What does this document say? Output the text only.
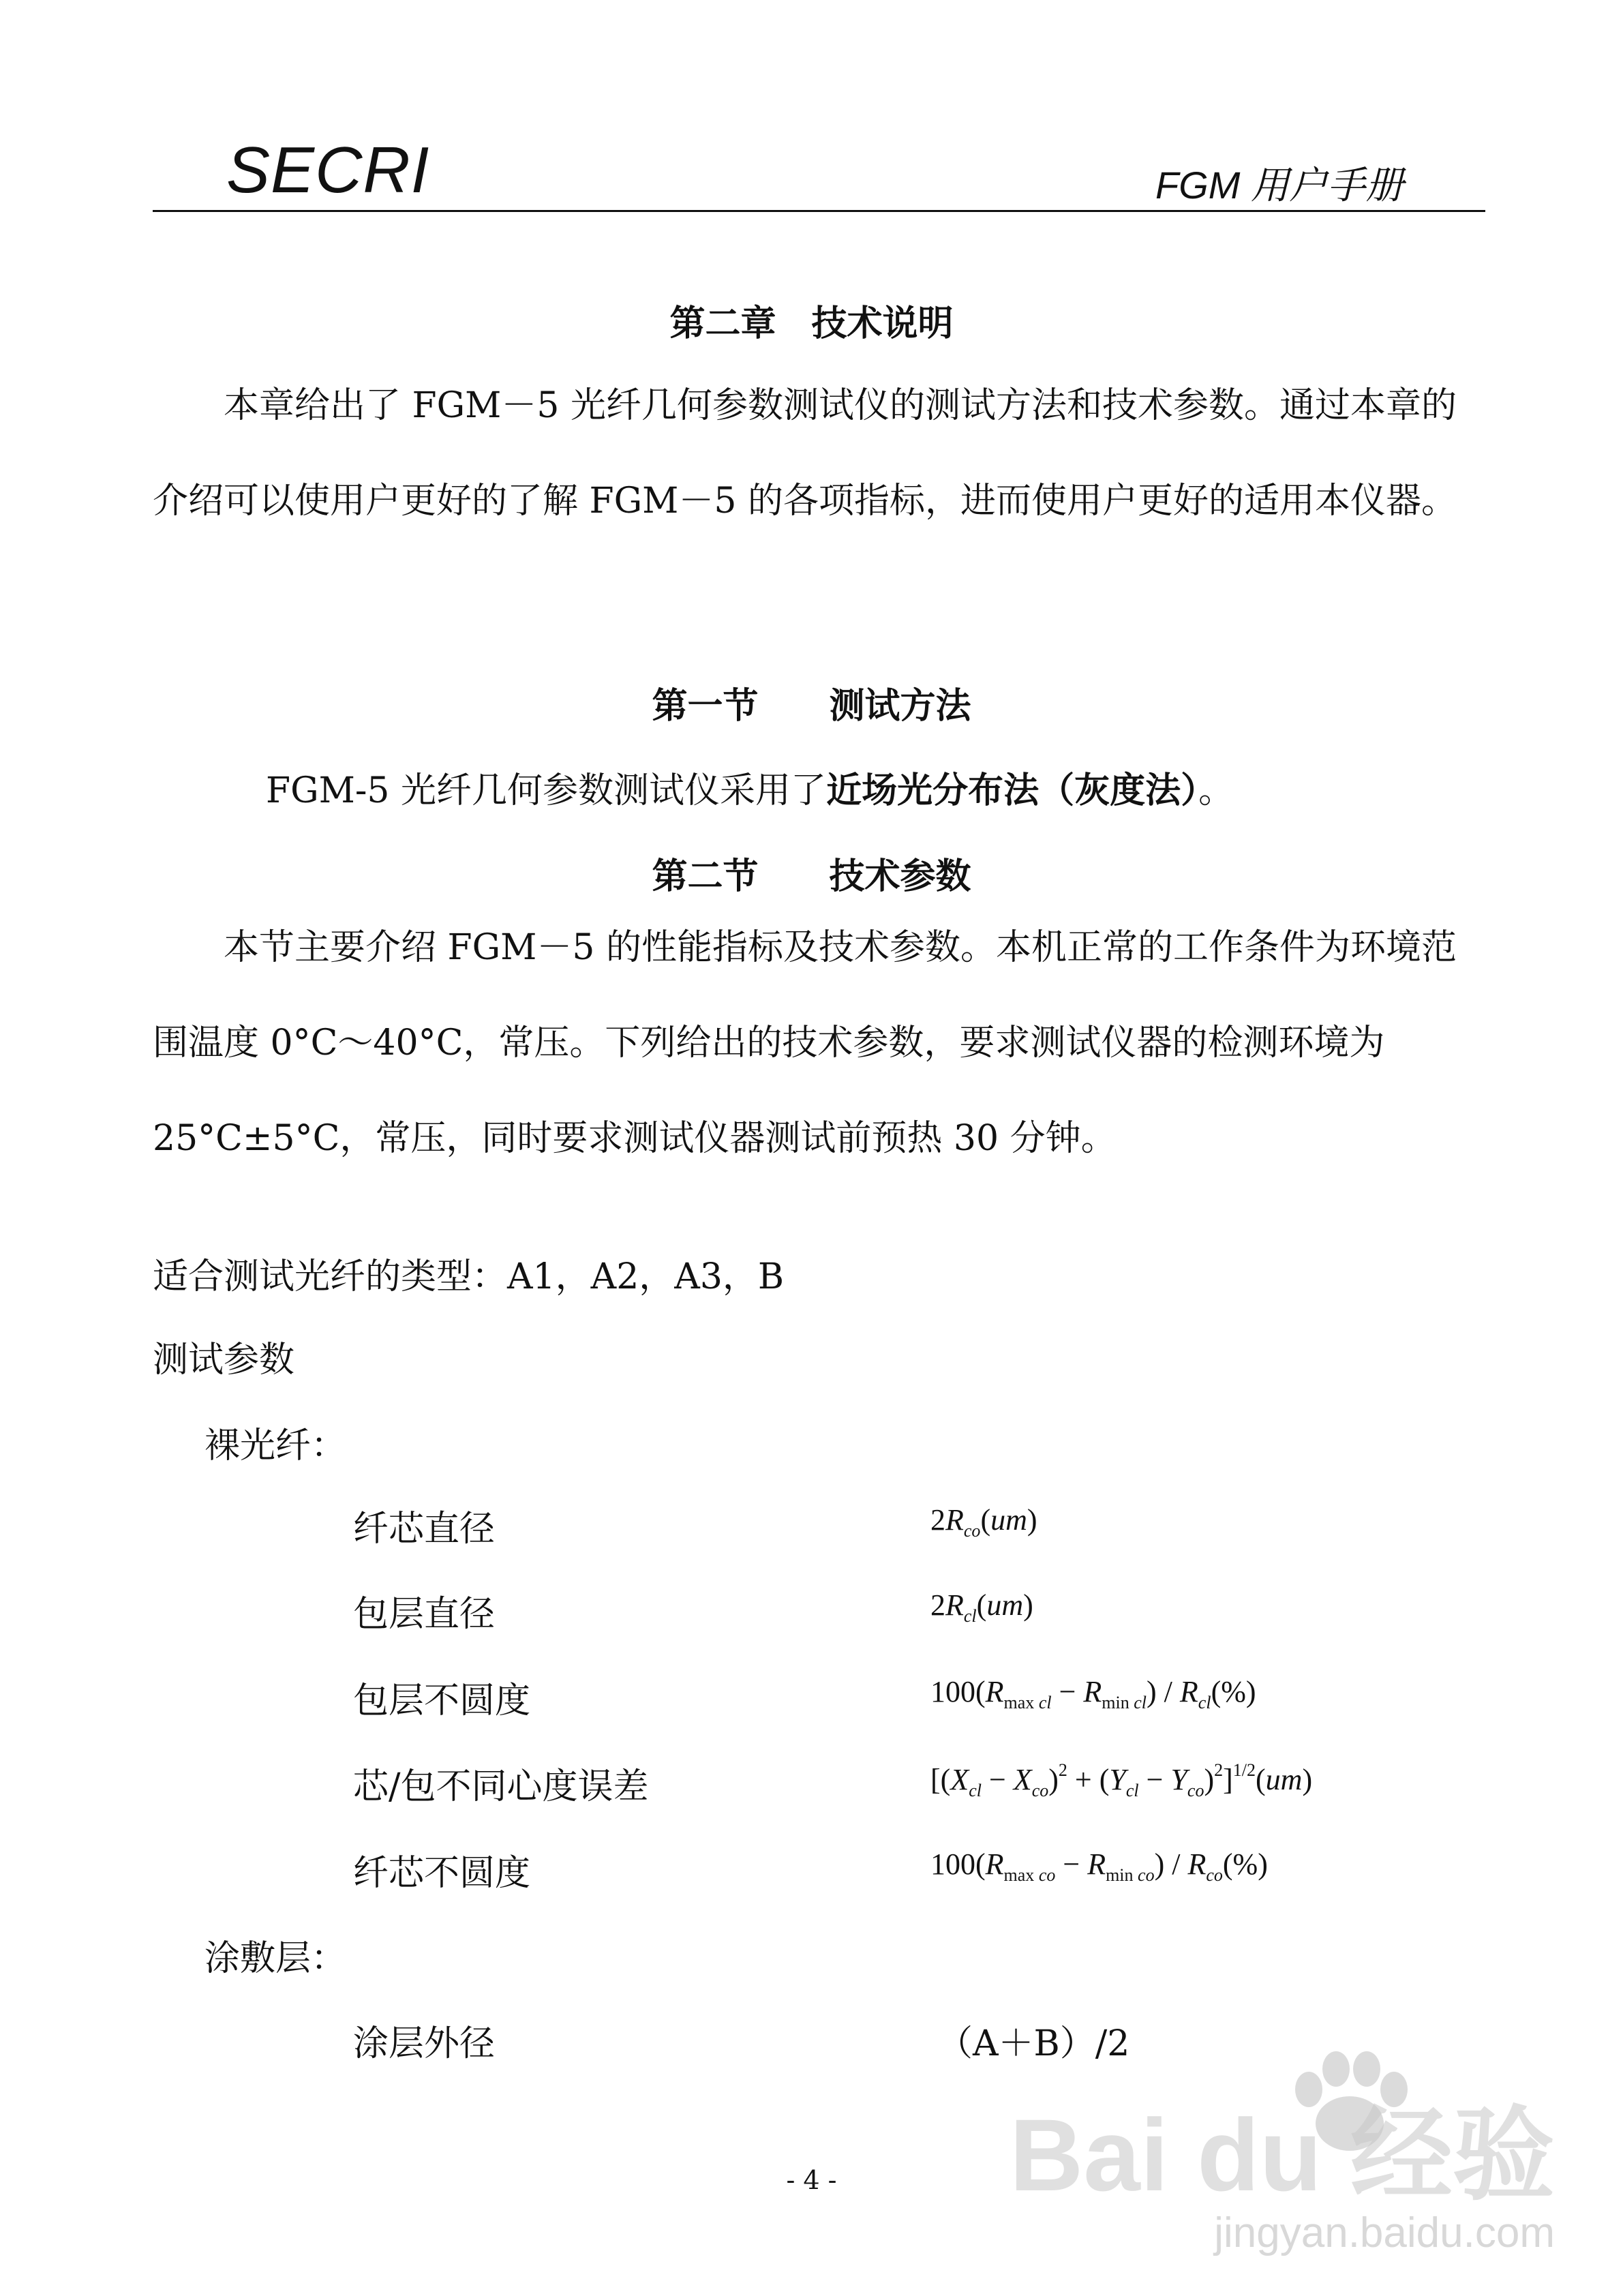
SECRI	FGM 用户手册
第二章　技术说明
本章给出了 FGM－5 光纤几何参数测试仪的测试方法和技术参数。通过本章的介绍可以使用户更好的了解 FGM－5 的各项指标，进而使用户更好的适用本仪器。
第一节　　测试方法
FGM-5 光纤几何参数测试仪采用了近场光分布法（灰度法）。
第二节　　技术参数
本节主要介绍 FGM－5 的性能指标及技术参数。本机正常的工作条件为环境范围温度 0°C～40°C，常压。下列给出的技术参数，要求测试仪器的检测环境为 25°C±5°C，常压，同时要求测试仪器测试前预热 30 分钟。
适合测试光纤的类型：A1，A2，A3，B
测试参数
裸光纤：
纤芯直径	$2R_{co}(um)$
包层直径	$2R_{cl}(um)$
包层不圆度	$100(R_{max cl} - R_{min cl}) / R_{cl}(\%)$
芯/包不同心度误差	$[(X_{cl} - X_{co})^2 + (Y_{cl} - Y_{co})^2]^{1/2}(um)$
纤芯不圆度	$100(R_{max co} - R_{min co}) / R_{co}(\%)$
涂敷层：
涂层外径	（A＋B）/2
- 4 -	Bai du 经验
jingyan.baidu.com
